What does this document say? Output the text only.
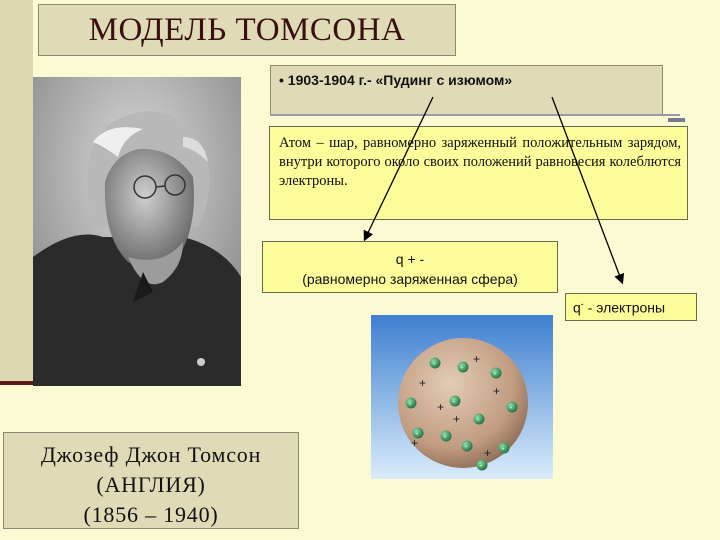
МОДЕЛЬ ТОМСОНА
Джозеф Джон Томсон
(АНГЛИЯ)
(1856 – 1940)
• 1903-1904 г.- «Пудинг с изюмом»
Атом – шар, равномерно заряженный положительным зарядом, внутри которого около своих положений равновесия колеблются электроны.
q + -
(равномерно заряженная сфера)
q- - электроны
-	-
-
-	-
-
-
-	-
-	-
-
+
+
+
+
+
+
+
